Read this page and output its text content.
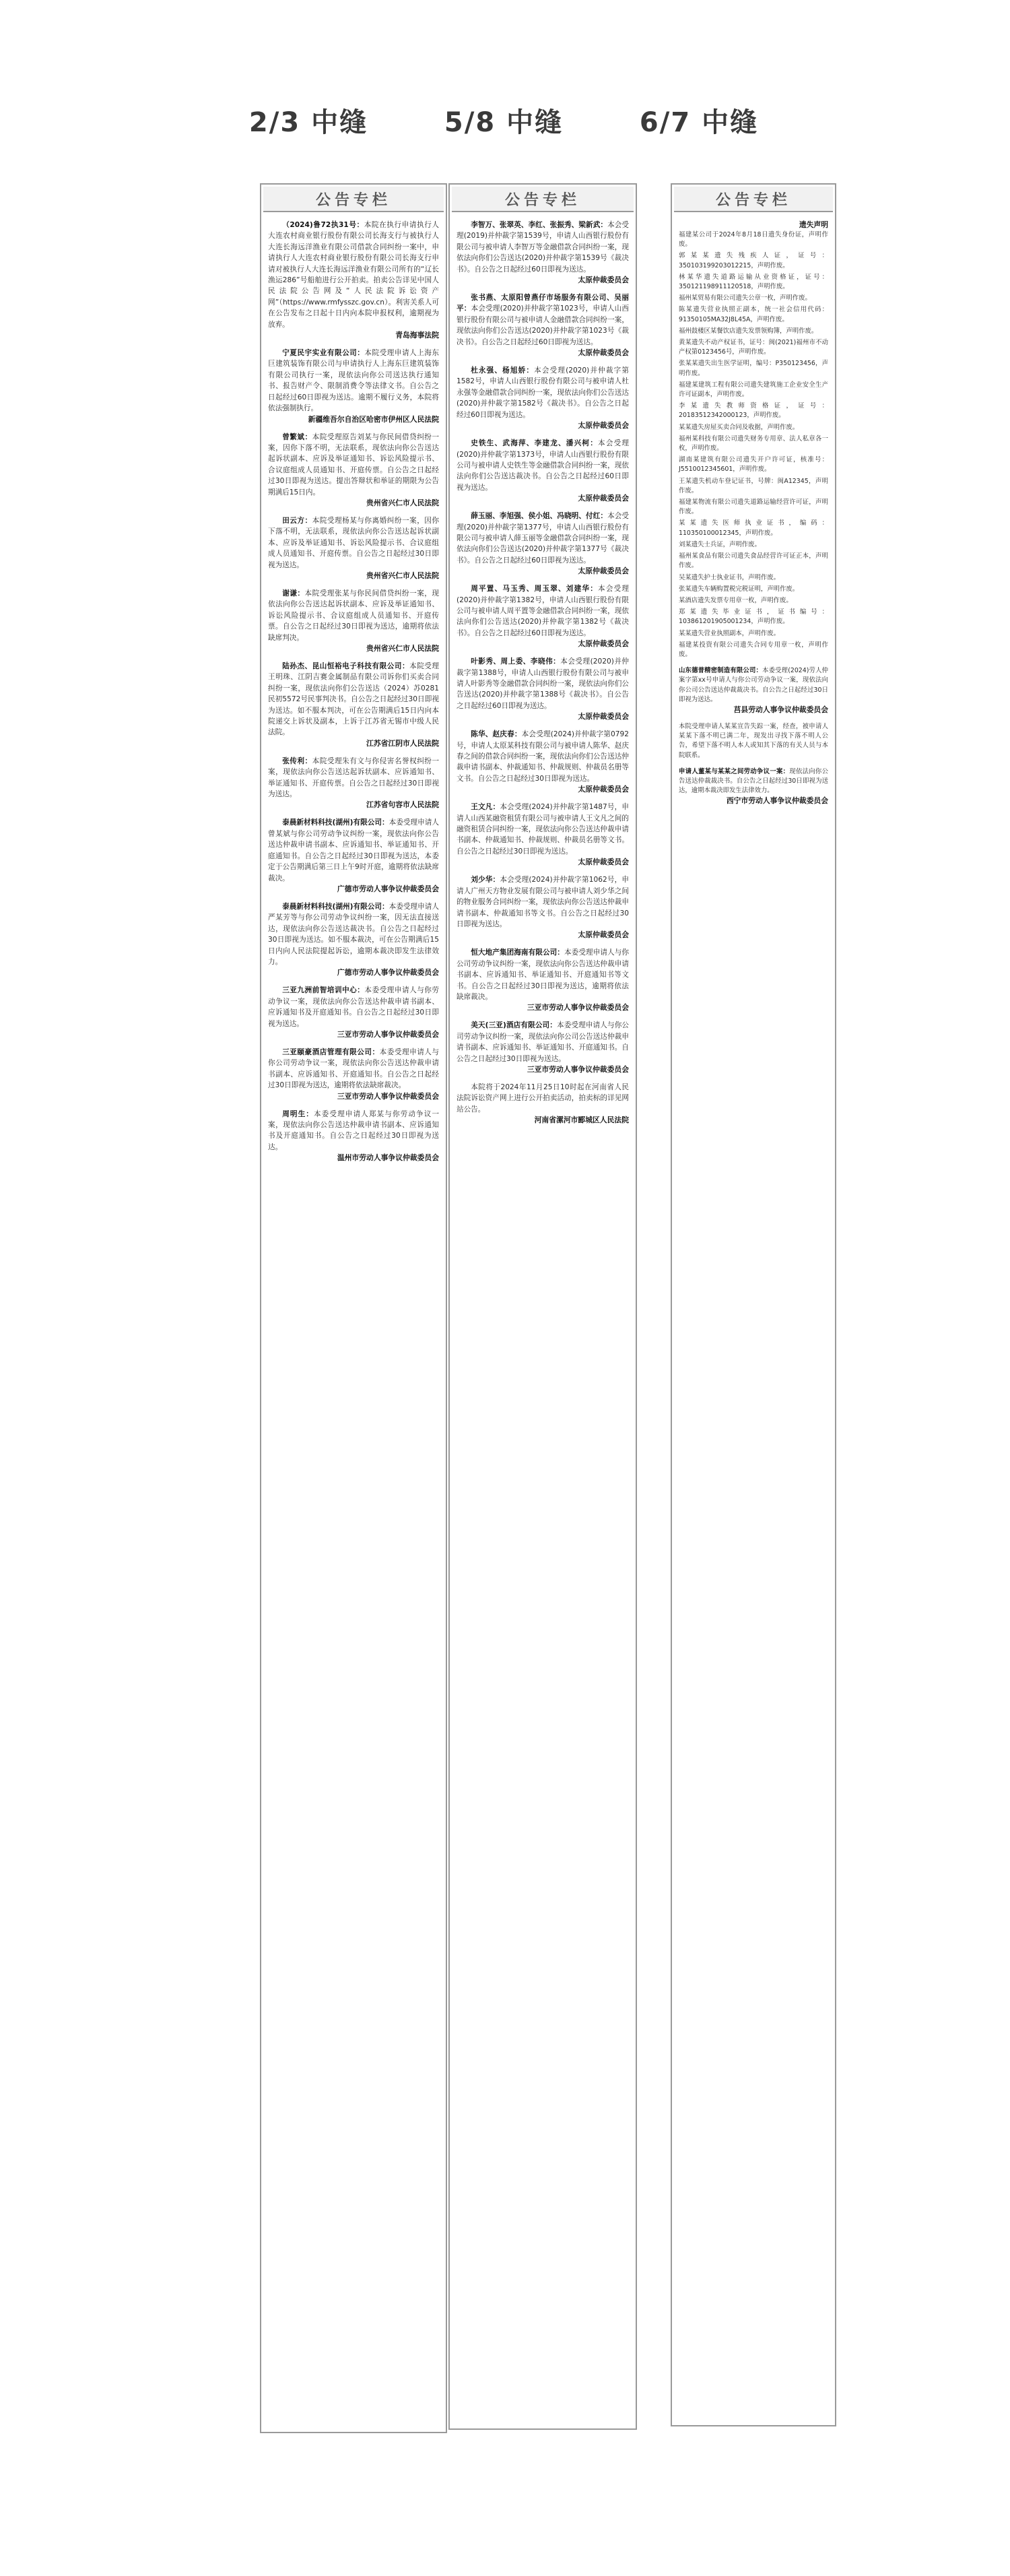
2/3 中缝	5/8 中缝	6/7 中缝
公告专栏

（2024)鲁72执31号：本院在执行申请执行人大连农村商业银行股份有限公司长海支行与被执行人大连长海远洋渔业有限公司借款合同纠纷一案中，申请执行人大连农村商业银行股份有限公司长海支行申请对被执行人大连长海远洋渔业有限公司所有的“辽长渔运286”号船舶进行公开拍卖。拍卖公告详见中国人民法院公告网及“人民法院诉讼资产网”（https://www.rmfysszc.gov.cn）。利害关系人可在公告发布之日起十日内向本院申报权利，逾期视为放弃。

青岛海事法院

宁夏民宇实业有限公司：本院受理申请人上海东巨建筑装饰有限公司与申请执行人上海东巨建筑装饰有限公司执行一案，现依法向你公司送达执行通知书、报告财产令、限制消费令等法律文书。自公告之日起经过60日即视为送达。逾期不履行义务，本院将依法强制执行。

新疆维吾尔自治区哈密市伊州区人民法院

曾繁斌：本院受理原告刘某与你民间借贷纠纷一案，因你下落不明，无法联系，现依法向你公告送达起诉状副本、应诉及举证通知书、诉讼风险提示书、合议庭组成人员通知书、开庭传票。自公告之日起经过30日即视为送达。提出答辩状和举证的期限为公告期满后15日内。

贵州省兴仁市人民法院

田云方：本院受理杨某与你离婚纠纷一案，因你下落不明，无法联系，现依法向你公告送达起诉状副本、应诉及举证通知书、诉讼风险提示书、合议庭组成人员通知书、开庭传票。自公告之日起经过30日即视为送达。

贵州省兴仁市人民法院

谢谦：本院受理张某与你民间借贷纠纷一案，现依法向你公告送达起诉状副本、应诉及举证通知书、诉讼风险提示书、合议庭组成人员通知书、开庭传票。自公告之日起经过30日即视为送达，逾期将依法缺席判决。

贵州省兴仁市人民法院

陆孙杰、昆山恒裕电子科技有限公司：本院受理王明珠、江阴吉赛金属制品有限公司诉你们买卖合同纠纷一案，现依法向你们公告送达（2024）苏0281民初5572号民事判决书。自公告之日起经过30日即视为送达。如不服本判决，可在公告期满后15日内向本院递交上诉状及副本，上诉于江苏省无锡市中级人民法院。

江苏省江阴市人民法院

张传利：本院受理朱有文与你侵害名誉权纠纷一案，现依法向你公告送达起诉状副本、应诉通知书、举证通知书、开庭传票。自公告之日起经过30日即视为送达。

江苏省句容市人民法院

泰晨新材料科技(湖州)有限公司：本委受理申请人曾某斌与你公司劳动争议纠纷一案，现依法向你公告送达仲裁申请书副本、应诉通知书、举证通知书、开庭通知书。自公告之日起经过30日即视为送达，本委定于公告期满后第三日上午9时开庭，逾期将依法缺席裁决。

广德市劳动人事争议仲裁委员会

泰晨新材料科技(湖州)有限公司：本委受理申请人严某芳等与你公司劳动争议纠纷一案，因无法直接送达，现依法向你公告送达裁决书。自公告之日起经过30日即视为送达。如不服本裁决，可在公告期满后15日内向人民法院提起诉讼，逾期本裁决即发生法律效力。

广德市劳动人事争议仲裁委员会

三亚九洲前智培训中心：本委受理申请人与你劳动争议一案，现依法向你公告送达仲裁申请书副本、应诉通知书及开庭通知书。自公告之日起经过30日即视为送达。

三亚市劳动人事争议仲裁委员会

三亚颐豪酒店管理有限公司：本委受理申请人与你公司劳动争议一案，现依法向你公告送达仲裁申请书副本、应诉通知书、开庭通知书。自公告之日起经过30日即视为送达，逾期将依法缺席裁决。

三亚市劳动人事争议仲裁委员会

周明生：本委受理申请人郑某与你劳动争议一案，现依法向你公告送达仲裁申请书副本、应诉通知书及开庭通知书。自公告之日起经过30日即视为送达。

温州市劳动人事争议仲裁委员会

公告专栏

李智万、张翠英、李红、张振秀、梁新武：本会受理(2019)并仲裁字第1539号，申请人山西银行股份有限公司与被申请人李智万等金融借款合同纠纷一案，现依法向你们公告送达(2020)并仲裁字第1539号《裁决书》。自公告之日起经过60日即视为送达。

太原仲裁委员会

张书燕、太原阳曾燕仔市场服务有限公司、吴丽平：本会受理(2020)并仲裁字第1023号，申请人山西银行股份有限公司与被申请人金融借款合同纠纷一案，现依法向你们公告送达(2020)并仲裁字第1023号《裁决书》。自公告之日起经过60日即视为送达。

太原仲裁委员会

杜永强、杨旭娇：本会受理(2020)并仲裁字第1582号，申请人山西银行股份有限公司与被申请人杜永强等金融借款合同纠纷一案，现依法向你们公告送达(2020)并仲裁字第1582号《裁决书》。自公告之日起经过60日即视为送达。

太原仲裁委员会

史铁生、武海萍、李建龙、潘兴柯：本会受理(2020)并仲裁字第1373号，申请人山西银行股份有限公司与被申请人史铁生等金融借款合同纠纷一案，现依法向你们公告送达裁决书。自公告之日起经过60日即视为送达。

太原仲裁委员会

薛玉丽、李旭强、侯小姐、冯晓明、付红：本会受理(2020)并仲裁字第1377号，申请人山西银行股份有限公司与被申请人薛玉丽等金融借款合同纠纷一案，现依法向你们公告送达(2020)并仲裁字第1377号《裁决书》。自公告之日起经过60日即视为送达。

太原仲裁委员会

周平置、马玉秀、周玉翠、刘建华：本会受理(2020)并仲裁字第1382号，申请人山西银行股份有限公司与被申请人周平置等金融借款合同纠纷一案，现依法向你们公告送达(2020)并仲裁字第1382号《裁决书》。自公告之日起经过60日即视为送达。

太原仲裁委员会

叶影秀、周上委、李晓伟：本会受理(2020)并仲裁字第1388号，申请人山西银行股份有限公司与被申请人叶影秀等金融借款合同纠纷一案，现依法向你们公告送达(2020)并仲裁字第1388号《裁决书》。自公告之日起经过60日即视为送达。

太原仲裁委员会

陈华、赵庆春：本会受理(2024)并仲裁字第0792号，申请人太原某科技有限公司与被申请人陈华、赵庆春之间的借款合同纠纷一案，现依法向你们公告送达仲裁申请书副本、仲裁通知书、仲裁规则、仲裁员名册等文书。自公告之日起经过30日即视为送达。

太原仲裁委员会

王文凡：本会受理(2024)并仲裁字第1487号，申请人山西某融资租赁有限公司与被申请人王文凡之间的融资租赁合同纠纷一案，现依法向你公告送达仲裁申请书副本、仲裁通知书、仲裁规则、仲裁员名册等文书。自公告之日起经过30日即视为送达。

太原仲裁委员会

刘少华：本会受理(2024)并仲裁字第1062号，申请人广州天方物业发展有限公司与被申请人刘少华之间的物业服务合同纠纷一案，现依法向你公告送达仲裁申请书副本、仲裁通知书等文书。自公告之日起经过30日即视为送达。

太原仲裁委员会

恒大地产集团海南有限公司：本委受理申请人与你公司劳动争议纠纷一案，现依法向你公告送达仲裁申请书副本、应诉通知书、举证通知书、开庭通知书等文书。自公告之日起经过30日即视为送达，逾期将依法缺席裁决。

三亚市劳动人事争议仲裁委员会

美天(三亚)酒店有限公司：本委受理申请人与你公司劳动争议纠纷一案，现依法向你公司公告送达仲裁申请书副本、应诉通知书、举证通知书、开庭通知书。自公告之日起经过30日即视为送达。

三亚市劳动人事争议仲裁委员会

本院将于2024年11月25日10时起在河南省人民法院诉讼资产网上进行公开拍卖活动，拍卖标的详见网站公告。

河南省漯河市郾城区人民法院

公告专栏

遗失声明

福建某公司于2024年8月18日遗失身份证，声明作废。

郭某某遗失残疾人证，证号：350103199203012215，声明作废。

林某华遗失道路运输从业资格证，证号：350121198911120518，声明作废。

福州某贸易有限公司遗失公章一枚，声明作废。

陈某遗失营业执照正副本，统一社会信用代码：91350105MA32J8L45A，声明作废。

福州鼓楼区某餐饮店遗失发票领购簿，声明作废。

黄某遗失不动产权证书，证号：闽(2021)福州市不动产权第0123456号，声明作废。

张某某遗失出生医学证明，编号：P350123456，声明作废。

福建某建筑工程有限公司遗失建筑施工企业安全生产许可证副本，声明作废。

李某遗失教师资格证，证号：20183512342000123，声明作废。

某某遗失房屋买卖合同及收据，声明作废。

福州某科技有限公司遗失财务专用章、法人私章各一枚，声明作废。

湖南某建筑有限公司遗失开户许可证，核准号：J5510012345601，声明作废。

王某遗失机动车登记证书，号牌：闽A12345，声明作废。

福建某物流有限公司遗失道路运输经营许可证，声明作废。

某某遗失医师执业证书，编码：110350100012345，声明作废。

刘某遗失士兵证，声明作废。

福州某食品有限公司遗失食品经营许可证正本，声明作废。

吴某遗失护士执业证书，声明作废。

张某遗失车辆购置税完税证明，声明作废。

某酒店遗失发票专用章一枚，声明作废。

郑某遗失毕业证书，证书编号：103861201905001234，声明作废。

某某遗失营业执照副本，声明作废。

福建某投资有限公司遗失合同专用章一枚，声明作废。

山东德普精密制造有限公司：本委受理(2024)劳人仲案字第xx号申请人与你公司劳动争议一案，现依法向你公司公告送达仲裁裁决书。自公告之日起经过30日即视为送达。

莒县劳动人事争议仲裁委员会

本院受理申请人某某宣告失踪一案，经查，被申请人某某下落不明已满二年，现发出寻找下落不明人公告，希望下落不明人本人或知其下落的有关人员与本院联系。

申请人董某与某某之间劳动争议一案：现依法向你公告送达仲裁裁决书。自公告之日起经过30日即视为送达，逾期本裁决即发生法律效力。

西宁市劳动人事争议仲裁委员会
